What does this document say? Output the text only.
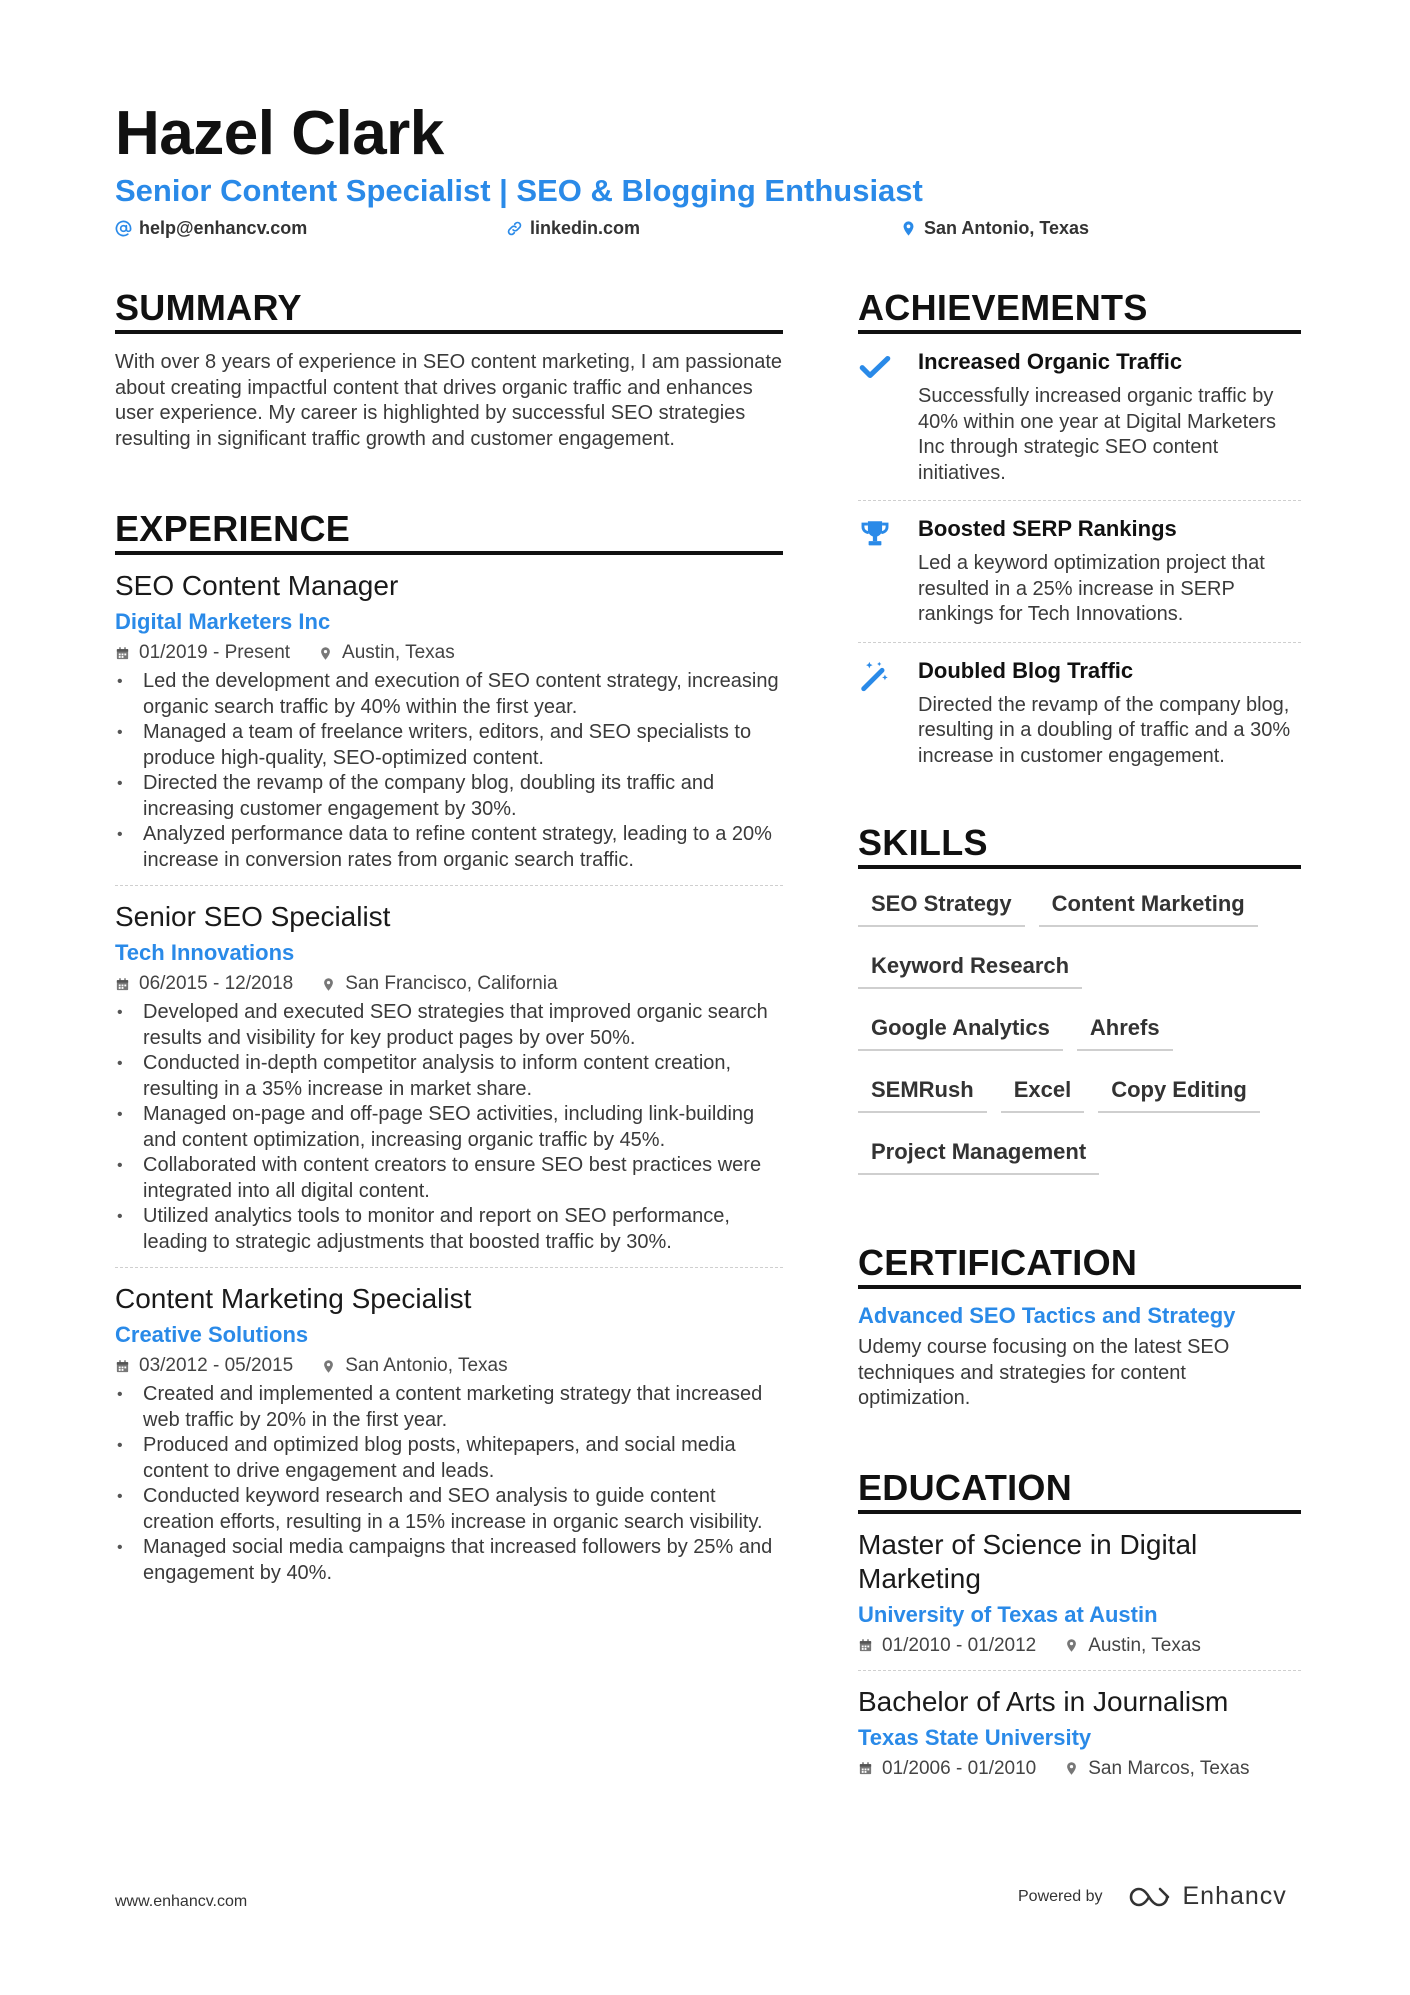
Hazel Clark
Senior Content Specialist | SEO & Blogging Enthusiast
help@enhancv.com	linkedin.com	San Antonio, Texas
SUMMARY
With over 8 years of experience in SEO content marketing, I am passionate about creating impactful content that drives organic traffic and enhances user experience. My career is highlighted by successful SEO strategies resulting in significant traffic growth and customer engagement.
EXPERIENCE
SEO Content Manager
Digital Marketers Inc
01/2019 - Present	Austin, Texas
• Led the development and execution of SEO content strategy, increasing organic search traffic by 40% within the first year.
• Managed a team of freelance writers, editors, and SEO specialists to produce high-quality, SEO-optimized content.
• Directed the revamp of the company blog, doubling its traffic and increasing customer engagement by 30%.
• Analyzed performance data to refine content strategy, leading to a 20% increase in conversion rates from organic search traffic.
Senior SEO Specialist
Tech Innovations
06/2015 - 12/2018	San Francisco, California
• Developed and executed SEO strategies that improved organic search results and visibility for key product pages by over 50%.
• Conducted in-depth competitor analysis to inform content creation, resulting in a 35% increase in market share.
• Managed on-page and off-page SEO activities, including link-building and content optimization, increasing organic traffic by 45%.
• Collaborated with content creators to ensure SEO best practices were integrated into all digital content.
• Utilized analytics tools to monitor and report on SEO performance, leading to strategic adjustments that boosted traffic by 30%.
Content Marketing Specialist
Creative Solutions
03/2012 - 05/2015	San Antonio, Texas
• Created and implemented a content marketing strategy that increased web traffic by 20% in the first year.
• Produced and optimized blog posts, whitepapers, and social media content to drive engagement and leads.
• Conducted keyword research and SEO analysis to guide content creation efforts, resulting in a 15% increase in organic search visibility.
• Managed social media campaigns that increased followers by 25% and engagement by 40%.
ACHIEVEMENTS
Increased Organic Traffic
Successfully increased organic traffic by 40% within one year at Digital Marketers Inc through strategic SEO content initiatives.
Boosted SERP Rankings
Led a keyword optimization project that resulted in a 25% increase in SERP rankings for Tech Innovations.
Doubled Blog Traffic
Directed the revamp of the company blog, resulting in a doubling of traffic and a 30% increase in customer engagement.
SKILLS
SEO Strategy	Content Marketing
Keyword Research
Google Analytics	Ahrefs
SEMRush	Excel	Copy Editing
Project Management
CERTIFICATION
Advanced SEO Tactics and Strategy
Udemy course focusing on the latest SEO techniques and strategies for content optimization.
EDUCATION
Master of Science in Digital Marketing
University of Texas at Austin
01/2010 - 01/2012	Austin, Texas
Bachelor of Arts in Journalism
Texas State University
01/2006 - 01/2010	San Marcos, Texas
www.enhancv.com	Powered by	Enhancv
